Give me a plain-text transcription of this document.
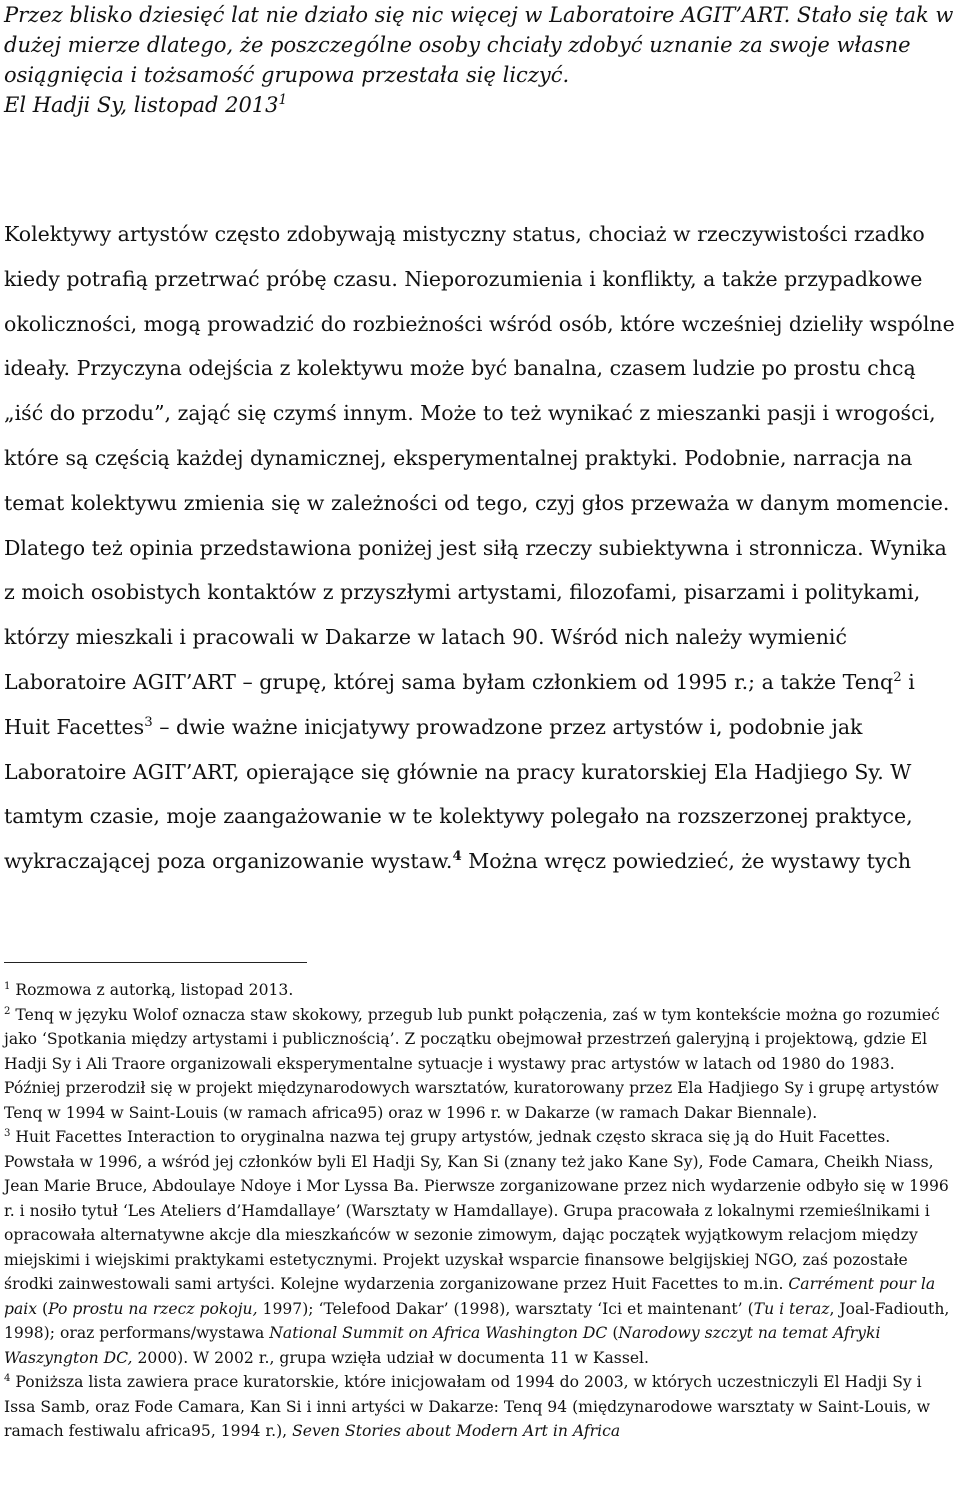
Przez blisko dziesięć lat nie działo się nic więcej w Laboratoire AGIT’ART. Stało się tak w dużej mierze dlatego, że poszczególne osoby chciały zdobyć uznanie za swoje własne osiągnięcia i tożsamość grupowa przestała się liczyć.

El Hadji Sy, listopad 2013$^1$

Kolektywy artystów często zdobywają mistyczny status, chociaż w rzeczywistości rzadko kiedy potrafią przetrwać próbę czasu. Nieporozumienia i konflikty, a także przypadkowe okoliczności, mogą prowadzić do rozbieżności wśród osób, które wcześniej dzieliły wspólne ideały. Przyczyna odejścia z kolektywu może być banalna, czasem ludzie po prostu chcą „iść do przodu”, zająć się czymś innym. Może to też wynikać z mieszanki pasji i wrogości, które są częścią każdej dynamicznej, eksperymentalnej praktyki. Podobnie, narracja na temat kolektywu zmienia się w zależności od tego, czyj głos przeważa w danym momencie. Dlatego też opinia przedstawiona poniżej jest siłą rzeczy subiektywna i stronnicza. Wynika z moich osobistych kontaktów z przyszłymi artystami, filozofami, pisarzami i politykami, którzy mieszkali i pracowali w Dakarze w latach 90. Wśród nich należy wymienić Laboratoire AGIT’ART – grupę, której sama byłam członkiem od 1995 r.; a także Tenq$^2$ i Huit Facettes$^3$ – dwie ważne inicjatywy prowadzone przez artystów i, podobnie jak Laboratoire AGIT’ART, opierające się głównie na pracy kuratorskiej Ela Hadjiego Sy. W tamtym czasie, moje zaangażowanie w te kolektywy polegało na rozszerzonej praktyce, wykraczającej poza organizowanie wystaw.$^4$ Można wręcz powiedzieć, że wystawy tych

$^1$ Rozmowa z autorką, listopad 2013.

$^2$ Tenq w języku Wolof oznacza staw skokowy, przegub lub punkt połączenia, zaś w tym kontekście można go rozumieć jako ‘Spotkania między artystami i publicznością’. Z początku obejmował przestrzeń galeryjną i projektową, gdzie El Hadji Sy i Ali Traore organizowali eksperymentalne sytuacje i wystawy prac artystów w latach od 1980 do 1983. Później przerodził się w projekt międzynarodowych warsztatów, kuratorowany przez Ela Hadjiego Sy i grupę artystów Tenq w 1994 w Saint-Louis (w ramach africa95) oraz w 1996 r. w Dakarze (w ramach Dakar Biennale).

$^3$ Huit Facettes Interaction to oryginalna nazwa tej grupy artystów, jednak często skraca się ją do Huit Facettes. Powstała w 1996, a wśród jej członków byli El Hadji Sy, Kan Si (znany też jako Kane Sy), Fode Camara, Cheikh Niass, Jean Marie Bruce, Abdoulaye Ndoye i Mor Lyssa Ba. Pierwsze zorganizowane przez nich wydarzenie odbyło się w 1996 r. i nosiło tytuł ‘Les Ateliers d’Hamdallaye’ (Warsztaty w Hamdallaye). Grupa pracowała z lokalnymi rzemieślnikami i opracowała alternatywne akcje dla mieszkańców w sezonie zimowym, dając początek wyjątkowym relacjom między miejskimi i wiejskimi praktykami estetycznymi. Projekt uzyskał wsparcie finansowe belgijskiej NGO, zaś pozostałe środki zainwestowali sami artyści. Kolejne wydarzenia zorganizowane przez Huit Facettes to m.in. Carrément pour la paix (Po prostu na rzecz pokoju, 1997); ‘Telefood Dakar’ (1998), warsztaty ‘Ici et maintenant’ (Tu i teraz, Joal-Fadiouth, 1998); oraz performans/wystawa National Summit on Africa Washington DC (Narodowy szczyt na temat Afryki Waszyngton DC, 2000). W 2002 r., grupa wzięła udział w documenta 11 w Kassel.

$^4$ Poniższa lista zawiera prace kuratorskie, które inicjowałam od 1994 do 2003, w których uczestniczyli El Hadji Sy i Issa Samb, oraz Fode Camara, Kan Si i inni artyści w Dakarze: Tenq 94 (międzynarodowe warsztaty w Saint-Louis, w ramach festiwalu africa95, 1994 r.), Seven Stories about Modern Art in Africa
